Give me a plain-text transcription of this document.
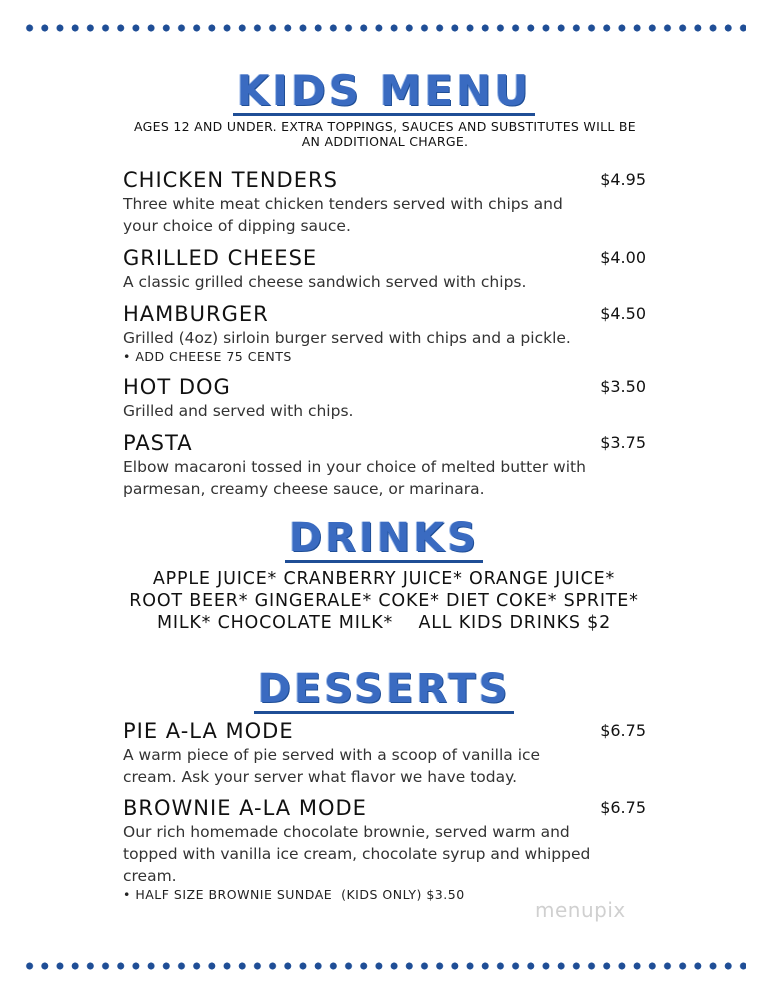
KIDS MENU
AGES 12 AND UNDER. EXTRA TOPPINGS, SAUCES AND SUBSTITUTES WILL BE
AN ADDITIONAL CHARGE.
CHICKEN TENDERS	$4.95
Three white meat chicken tenders served with chips and your choice of dipping sauce.
GRILLED CHEESE	$4.00
A classic grilled cheese sandwich served with chips.
HAMBURGER	$4.50
Grilled (4oz) sirloin burger served with chips and a pickle.
• ADD CHEESE 75 CENTS
HOT DOG	$3.50
Grilled and served with chips.
PASTA	$3.75
Elbow macaroni tossed in your choice of melted butter with parmesan, creamy cheese sauce, or marinara.
DRINKS
APPLE JUICE* CRANBERRY JUICE* ORANGE JUICE*
ROOT BEER* GINGERALE* COKE* DIET COKE* SPRITE*
MILK* CHOCOLATE MILK*    ALL KIDS DRINKS $2
DESSERTS
PIE A-LA MODE	$6.75
A warm piece of pie served with a scoop of vanilla ice cream. Ask your server what flavor we have today.
BROWNIE A-LA MODE	$6.75
Our rich homemade chocolate brownie, served warm and topped with vanilla ice cream, chocolate syrup and whipped cream.
• HALF SIZE BROWNIE SUNDAE  (KIDS ONLY) $3.50
menupix
